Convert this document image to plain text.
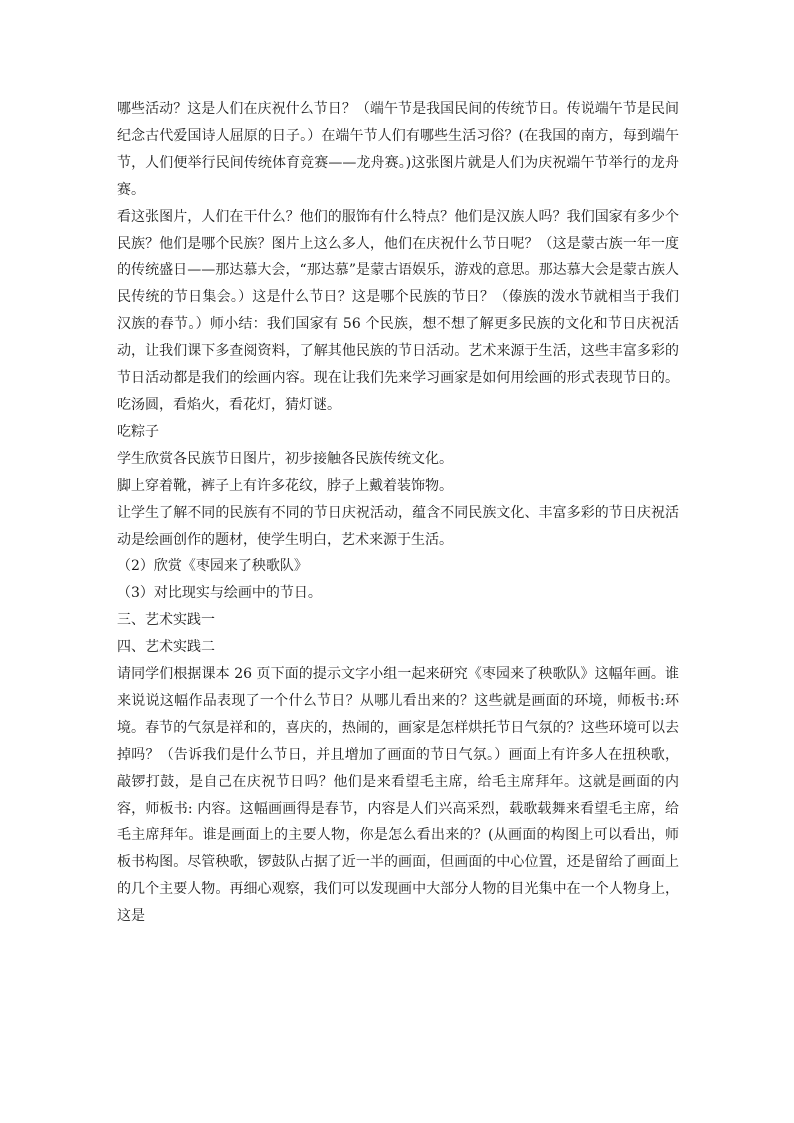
哪些活动？这是人们在庆祝什么节日？（端午节是我国民间的传统节日。传说端午节是民间纪念古代爱国诗人屈原的日子。）在端午节人们有哪些生活习俗？(在我国的南方，每到端午节，人们便举行民间传统体育竞赛——龙舟赛。)这张图片就是人们为庆祝端午节举行的龙舟赛。

看这张图片，人们在干什么？他们的服饰有什么特点？他们是汉族人吗？我们国家有多少个民族？他们是哪个民族？图片上这么多人，他们在庆祝什么节日呢？（这是蒙古族一年一度的传统盛日——那达慕大会，“那达慕”是蒙古语娱乐，游戏的意思。那达慕大会是蒙古族人民传统的节日集会。）这是什么节日？这是哪个民族的节日？（傣族的泼水节就相当于我们汉族的春节。）师小结：我们国家有 56 个民族，想不想了解更多民族的文化和节日庆祝活动，让我们课下多查阅资料，了解其他民族的节日活动。艺术来源于生活，这些丰富多彩的节日活动都是我们的绘画内容。现在让我们先来学习画家是如何用绘画的形式表现节日的。吃汤圆，看焰火，看花灯，猜灯谜。

吃粽子

学生欣赏各民族节日图片，初步接触各民族传统文化。

脚上穿着靴，裤子上有许多花纹，脖子上戴着装饰物。

让学生了解不同的民族有不同的节日庆祝活动，蕴含不同民族文化、丰富多彩的节日庆祝活动是绘画创作的题材，使学生明白，艺术来源于生活。

（2）欣赏《枣园来了秧歌队》

（3）对比现实与绘画中的节日。

三、艺术实践一

四、艺术实践二

请同学们根据课本 26 页下面的提示文字小组一起来研究《枣园来了秧歌队》这幅年画。谁来说说这幅作品表现了一个什么节日？从哪儿看出来的？这些就是画面的环境，师板书:环境。春节的气氛是祥和的，喜庆的，热闹的，画家是怎样烘托节日气氛的？这些环境可以去掉吗？（告诉我们是什么节日，并且增加了画面的节日气氛。）画面上有许多人在扭秧歌，敲锣打鼓，是自己在庆祝节日吗？他们是来看望毛主席，给毛主席拜年。这就是画面的内容，师板书: 内容。这幅画画得是春节，内容是人们兴高采烈，载歌载舞来看望毛主席，给毛主席拜年。谁是画面上的主要人物，你是怎么看出来的？(从画面的构图上可以看出，师板书构图。尽管秧歌，锣鼓队占据了近一半的画面，但画面的中心位置，还是留给了画面上的几个主要人物。再细心观察，我们可以发现画中大部分人物的目光集中在一个人物身上，这是
